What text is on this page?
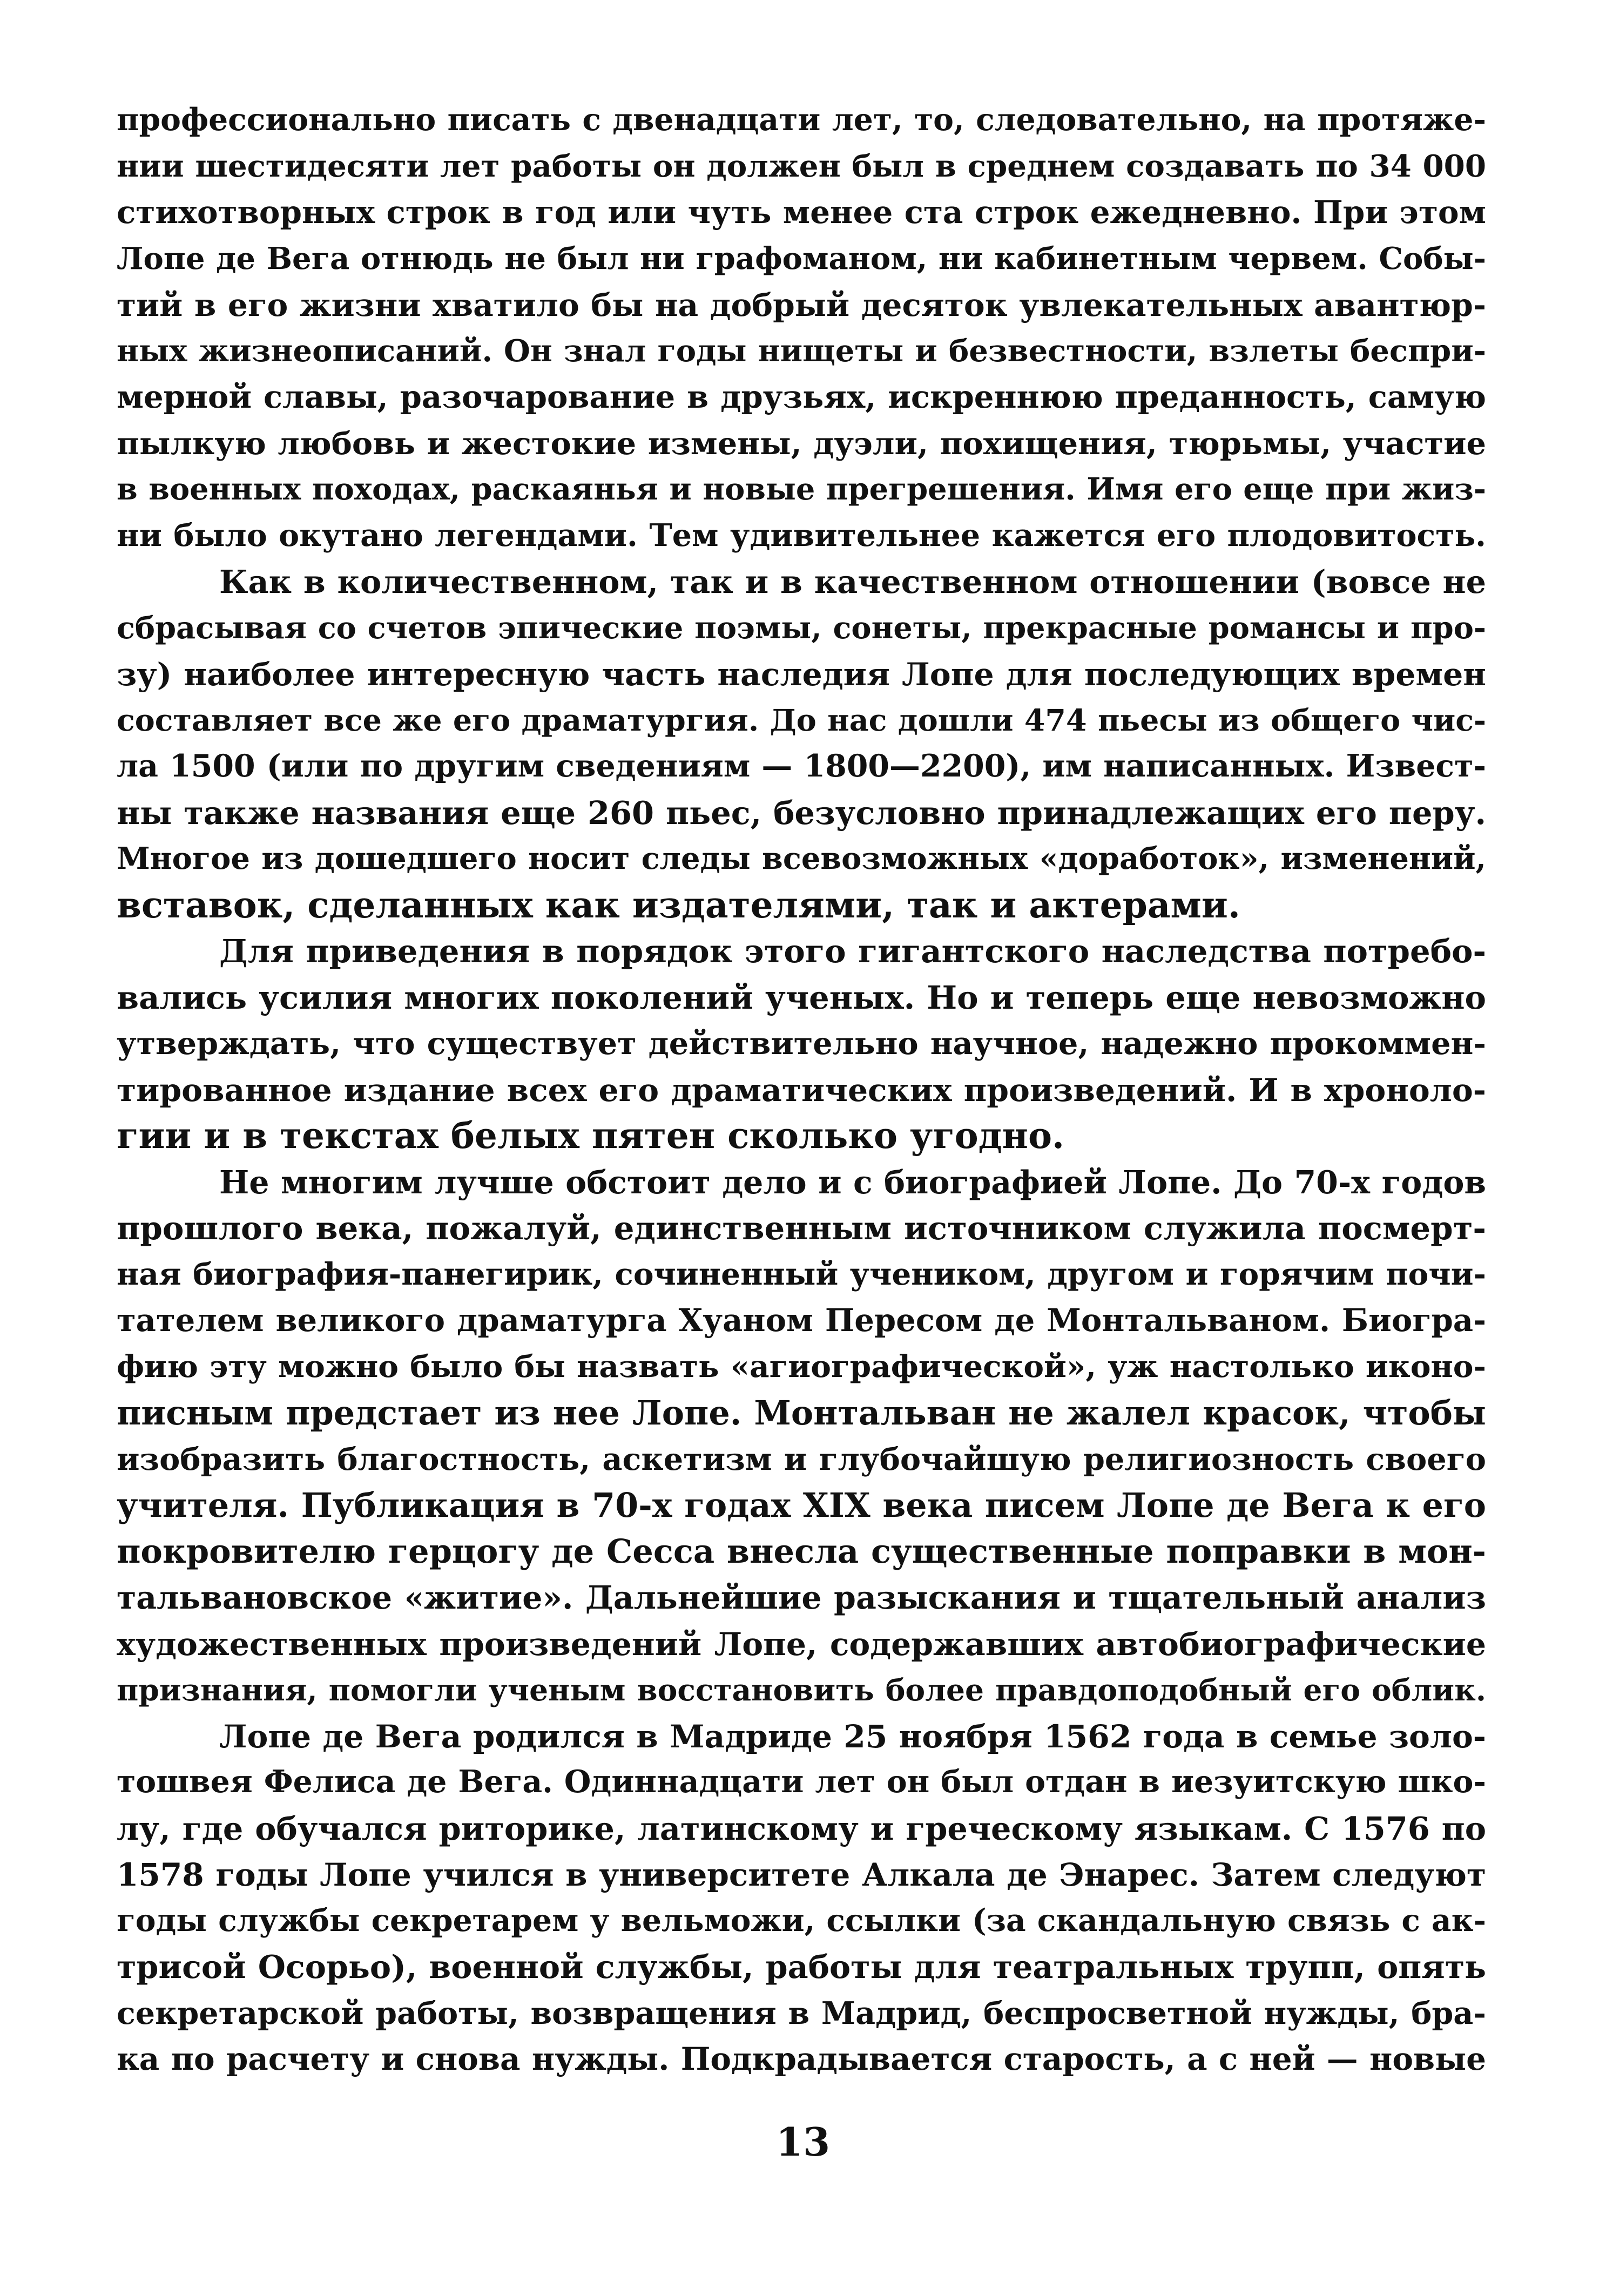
профессионально писать с двенадцати лет, то, следовательно, на протяже-
нии шестидесяти лет работы он должен был в среднем создавать по 34 000
стихотворных строк в год или чуть менее ста строк ежедневно. При этом
Лопе де Вега отнюдь не был ни графоманом, ни кабинетным червем. Собы-
тий в его жизни хватило бы на добрый десяток увлекательных авантюр-
ных жизнеописаний. Он знал годы нищеты и безвестности, взлеты беспри-
мерной славы, разочарование в друзьях, искреннюю преданность, самую
пылкую любовь и жестокие измены, дуэли, похищения, тюрьмы, участие
в военных походах, раскаянья и новые прегрешения. Имя его еще при жиз-
ни было окутано легендами. Тем удивительнее кажется его плодовитость.
Как в количественном, так и в качественном отношении (вовсе не
сбрасывая со счетов эпические поэмы, сонеты, прекрасные романсы и про-
зу) наиболее интересную часть наследия Лопе для последующих времен
составляет все же его драматургия. До нас дошли 474 пьесы из общего чис-
ла 1500 (или по другим сведениям — 1800—2200), им написанных. Извест-
ны также названия еще 260 пьес, безусловно принадлежащих его перу.
Многое из дошедшего носит следы всевозможных «доработок», изменений,
вставок, сделанных как издателями, так и актерами.
Для приведения в порядок этого гигантского наследства потребо-
вались усилия многих поколений ученых. Но и теперь еще невозможно
утверждать, что существует действительно научное, надежно прокоммен-
тированное издание всех его драматических произведений. И в хроноло-
гии и в текстах белых пятен сколько угодно.
Не многим лучше обстоит дело и с биографией Лопе. До 70-х годов
прошлого века, пожалуй, единственным источником служила посмерт-
ная биография-панегирик, сочиненный учеником, другом и горячим почи-
тателем великого драматурга Хуаном Пересом де Монтальваном. Биогра-
фию эту можно было бы назвать «агиографической», уж настолько иконо-
писным предстает из нее Лопе. Монтальван не жалел красок, чтобы
изобразить благостность, аскетизм и глубочайшую религиозность своего
учителя. Публикация в 70-х годах XIX века писем Лопе де Вега к его
покровителю герцогу де Сесса внесла существенные поправки в мон-
тальвановское «житие». Дальнейшие разыскания и тщательный анализ
художественных произведений Лопе, содержавших автобиографические
признания, помогли ученым восстановить более правдоподобный его облик.
Лопе де Вега родился в Мадриде 25 ноября 1562 года в семье золо-
тошвея Фелиса де Вега. Одиннадцати лет он был отдан в иезуитскую шко-
лу, где обучался риторике, латинскому и греческому языкам. С 1576 по
1578 годы Лопе учился в университете Алкала де Энарес. Затем следуют
годы службы секретарем у вельможи, ссылки (за скандальную связь с ак-
трисой Осорьо), военной службы, работы для театральных трупп, опять
секретарской работы, возвращения в Мадрид, беспросветной нужды, бра-
ка по расчету и снова нужды. Подкрадывается старость, а с ней — новые
13
